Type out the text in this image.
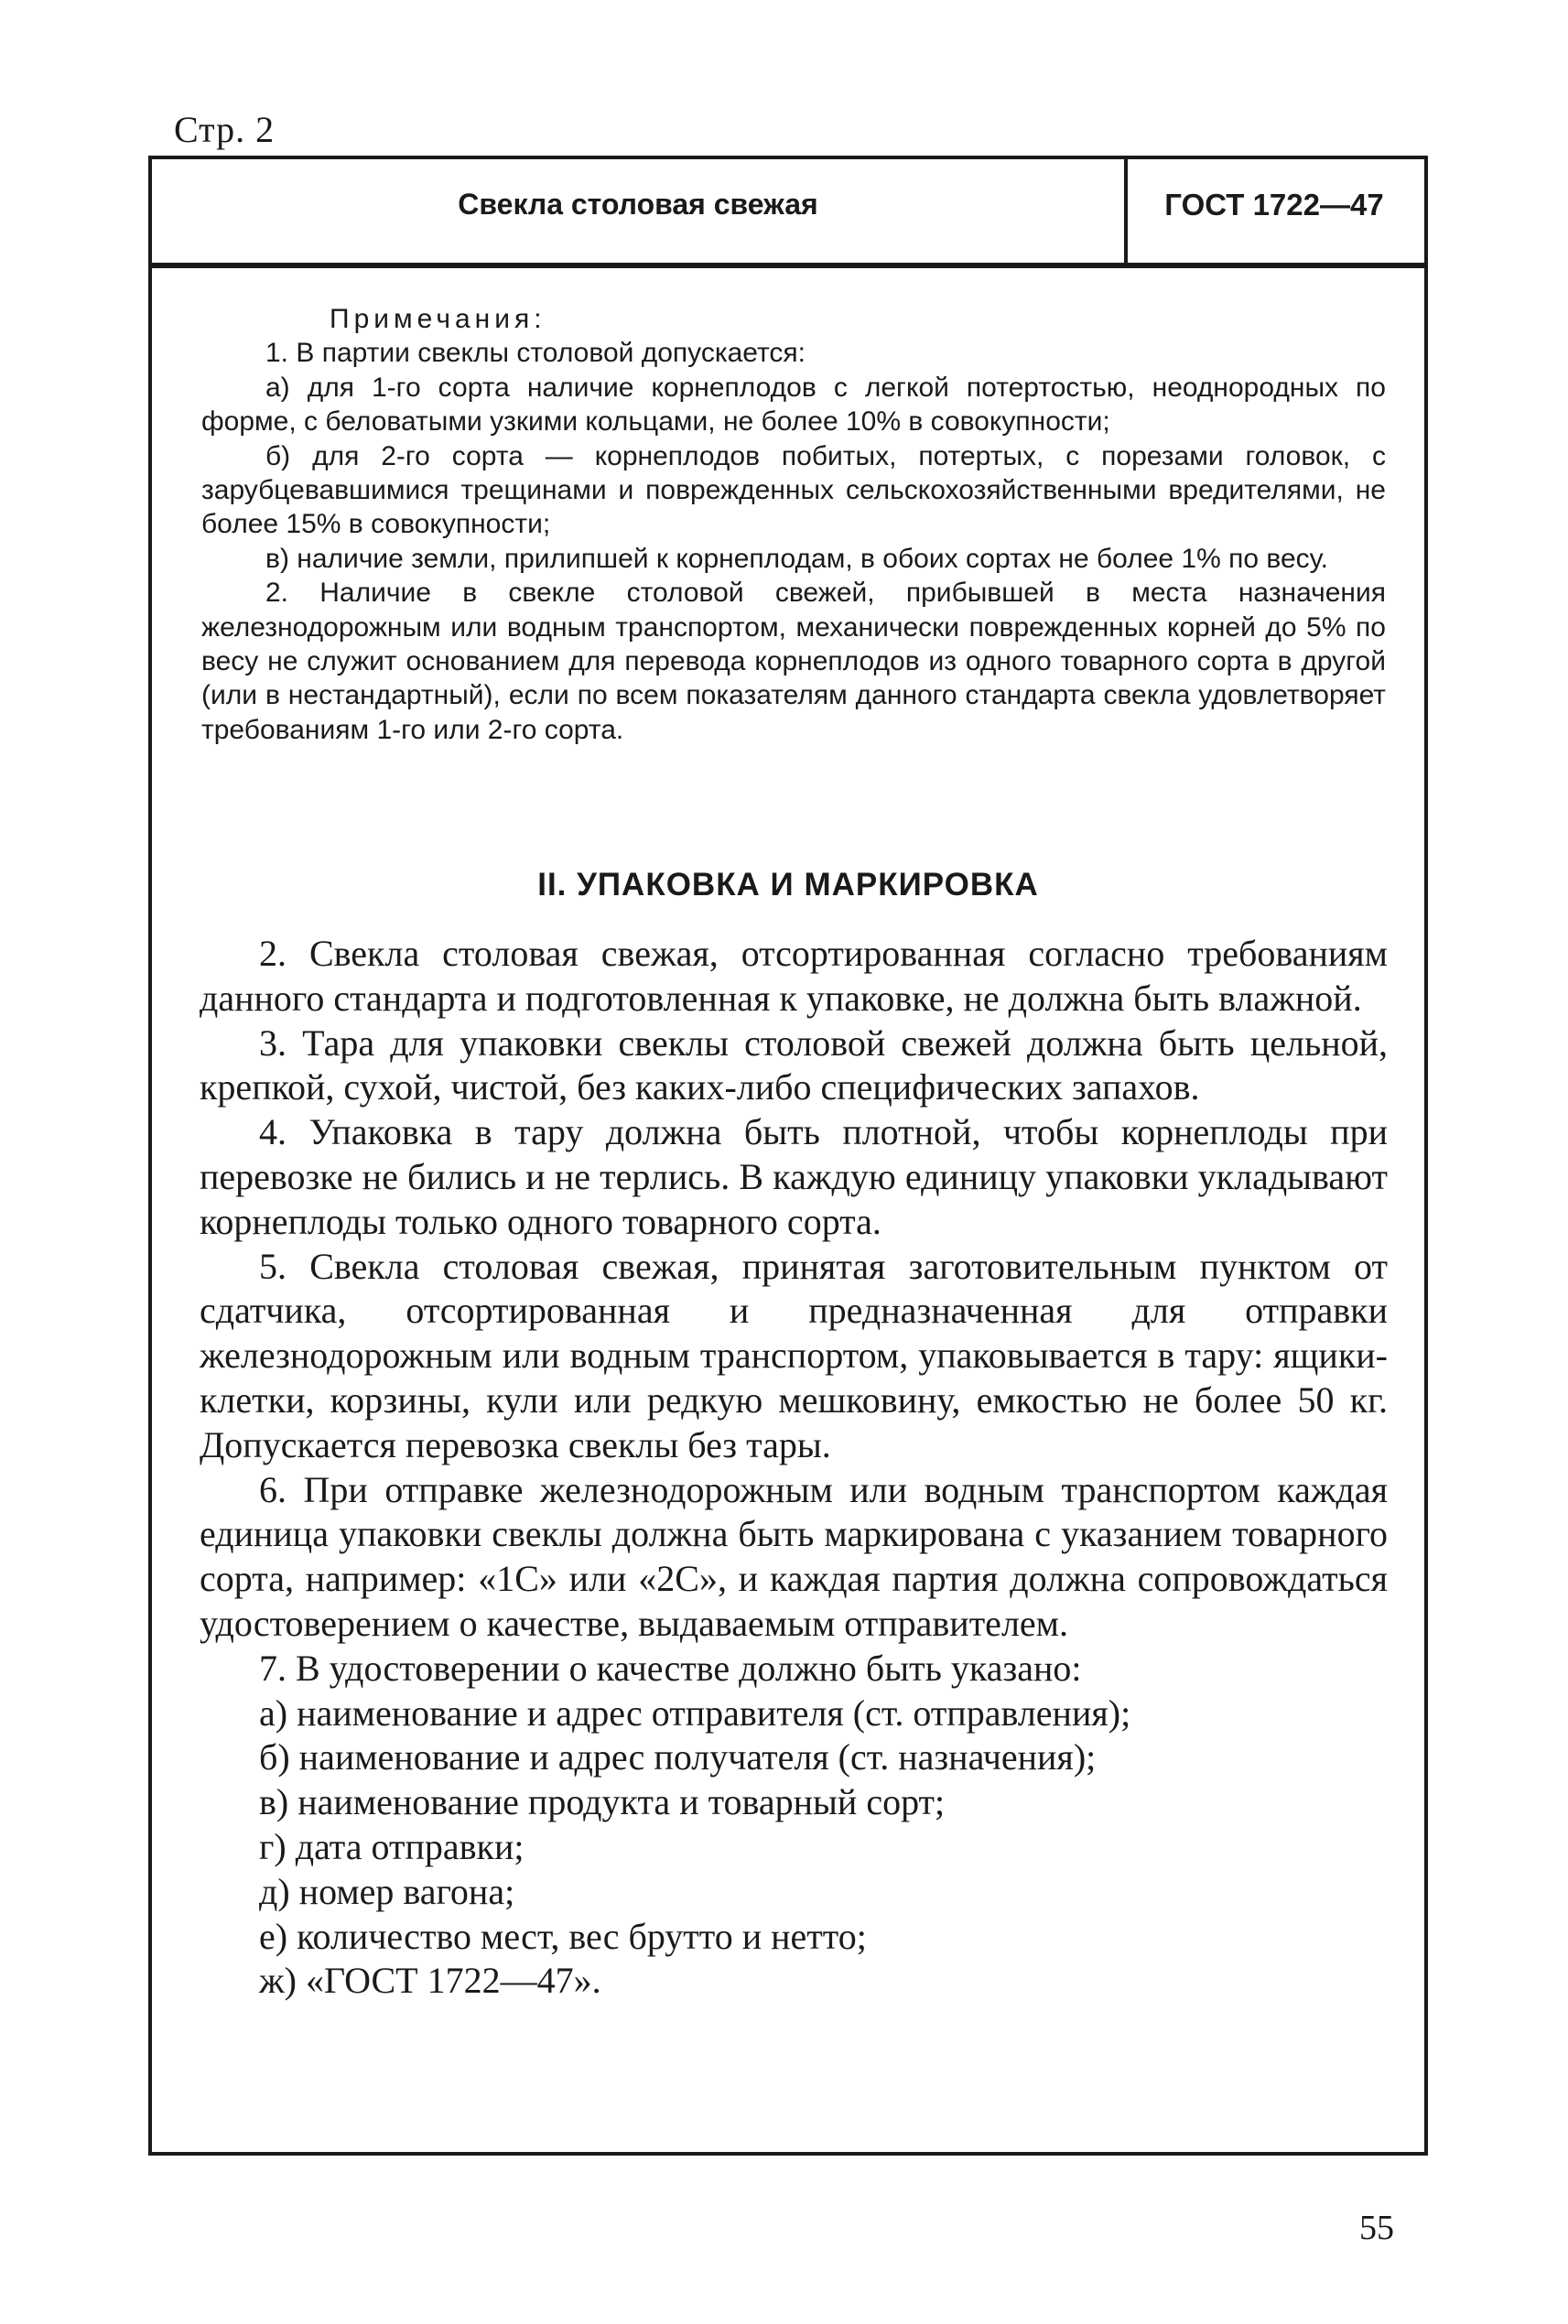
Стр. 2
Свекла столовая свежая	ГОСТ 1722—47

Примечания:

1. В партии свеклы столовой допускается:

а) для 1-го сорта наличие корнеплодов с легкой потертостью, неоднородных по форме, с беловатыми узкими кольцами, не более 10% в совокупности;

б) для 2-го сорта — корнеплодов побитых, потертых, с порезами головок, с зарубцевавшимися трещинами и поврежденных сельскохозяйственными вредителями, не более 15% в совокупности;

в) наличие земли, прилипшей к корнеплодам, в обоих сортах не более 1% по весу.

2. Наличие в свекле столовой свежей, прибывшей в места назначения железнодорожным или водным транспортом, механически поврежденных корней до 5% по весу не служит основанием для перевода корнеплодов из одного товарного сорта в другой (или в нестандартный), если по всем показателям данного стандарта свекла удовлетворяет требованиям 1-го или 2-го сорта.

II. УПАКОВКА И МАРКИРОВКА

2. Свекла столовая свежая, отсортированная согласно требованиям данного стандарта и подготовленная к упаковке, не должна быть влажной.

3. Тара для упаковки свеклы столовой свежей должна быть цельной, крепкой, сухой, чистой, без каких-либо специфических запахов.

4. Упаковка в тару должна быть плотной, чтобы корнеплоды при перевозке не бились и не терлись. В каждую единицу упаковки укладывают корнеплоды только одного товарного сорта.

5. Свекла столовая свежая, принятая заготовительным пунктом от сдатчика, отсортированная и предназначенная для отправки железнодорожным или водным транспортом, упаковывается в тару: ящики-клетки, корзины, кули или редкую мешковину, емкостью не более 50 кг. Допускается перевозка свеклы без тары.

6. При отправке железнодорожным или водным транспортом каждая единица упаковки свеклы должна быть маркирована с указанием товарного сорта, например: «1С» или «2С», и каждая партия должна сопровождаться удостоверением о качестве, выдаваемым отправителем.

7. В удостоверении о качестве должно быть указано:

а) наименование и адрес отправителя (ст. отправления);

б) наименование и адрес получателя (ст. назначения);

в) наименование продукта и товарный сорт;

г) дата отправки;

д) номер вагона;

е) количество мест, вес брутто и нетто;

ж) «ГОСТ 1722—47».

55
